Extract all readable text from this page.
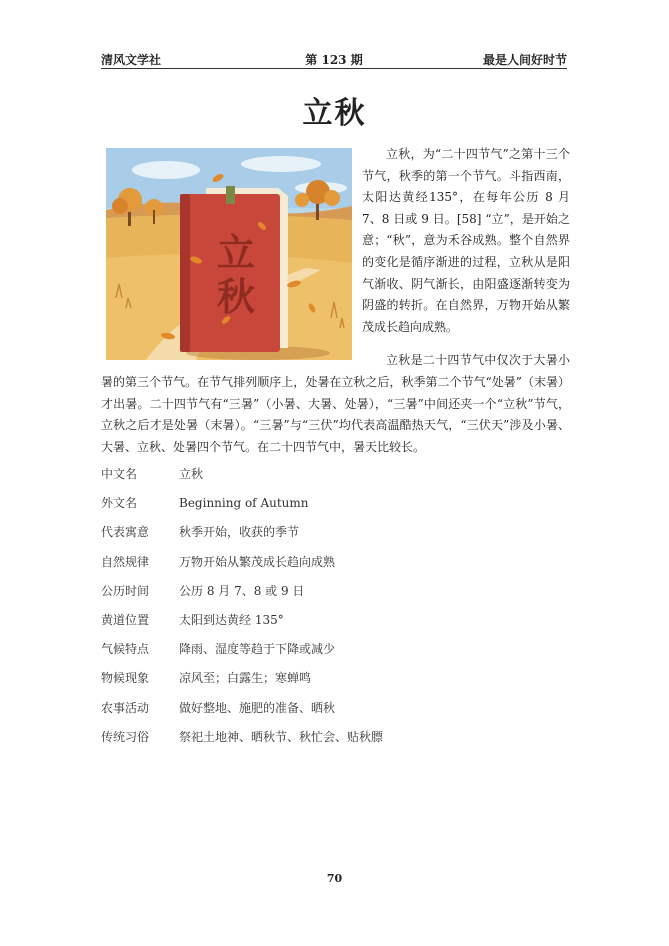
清风文学社	第 123 期	最是人间好时节
立秋
立
秋

立秋，为“二十四节气”之第十三个节气，秋季的第一个节气。斗指西南，太阳达黄经135°，在每年公历 8 月 7、8 日或 9 日。[58] “立”，是开始之意；“秋”，意为禾谷成熟。整个自然界的变化是循序渐进的过程，立秋从是阳气渐收、阴气渐长，由阳盛逐渐转变为阴盛的转折。在自然界，万物开始从繁茂成长趋向成熟。

立秋是二十四节气中仅次于大暑小暑的第三个节气。在节气排列顺序上，处暑在立秋之后，秋季第二个节气“处暑”（末暑）才出暑。二十四节气有“三暑”（小暑、大暑、处暑），“三暑”中间还夹一个“立秋”节气，立秋之后才是处暑（末暑）。“三暑”与“三伏”均代表高温酷热天气，“三伏天”涉及小暑、大暑、立秋、处暑四个节气。在二十四节气中，暑天比较长。

中文名	立秋
外文名	Beginning of Autumn
代表寓意	秋季开始，收获的季节
自然规律	万物开始从繁茂成长趋向成熟
公历时间	公历 8 月 7、8 或 9 日
黄道位置	太阳到达黄经 135°
气候特点	降雨、湿度等趋于下降或减少
物候现象	凉风至；白露生；寒蝉鸣
农事活动	做好整地、施肥的准备、晒秋
传统习俗	祭祀土地神、晒秋节、秋忙会、贴秋膘
70
